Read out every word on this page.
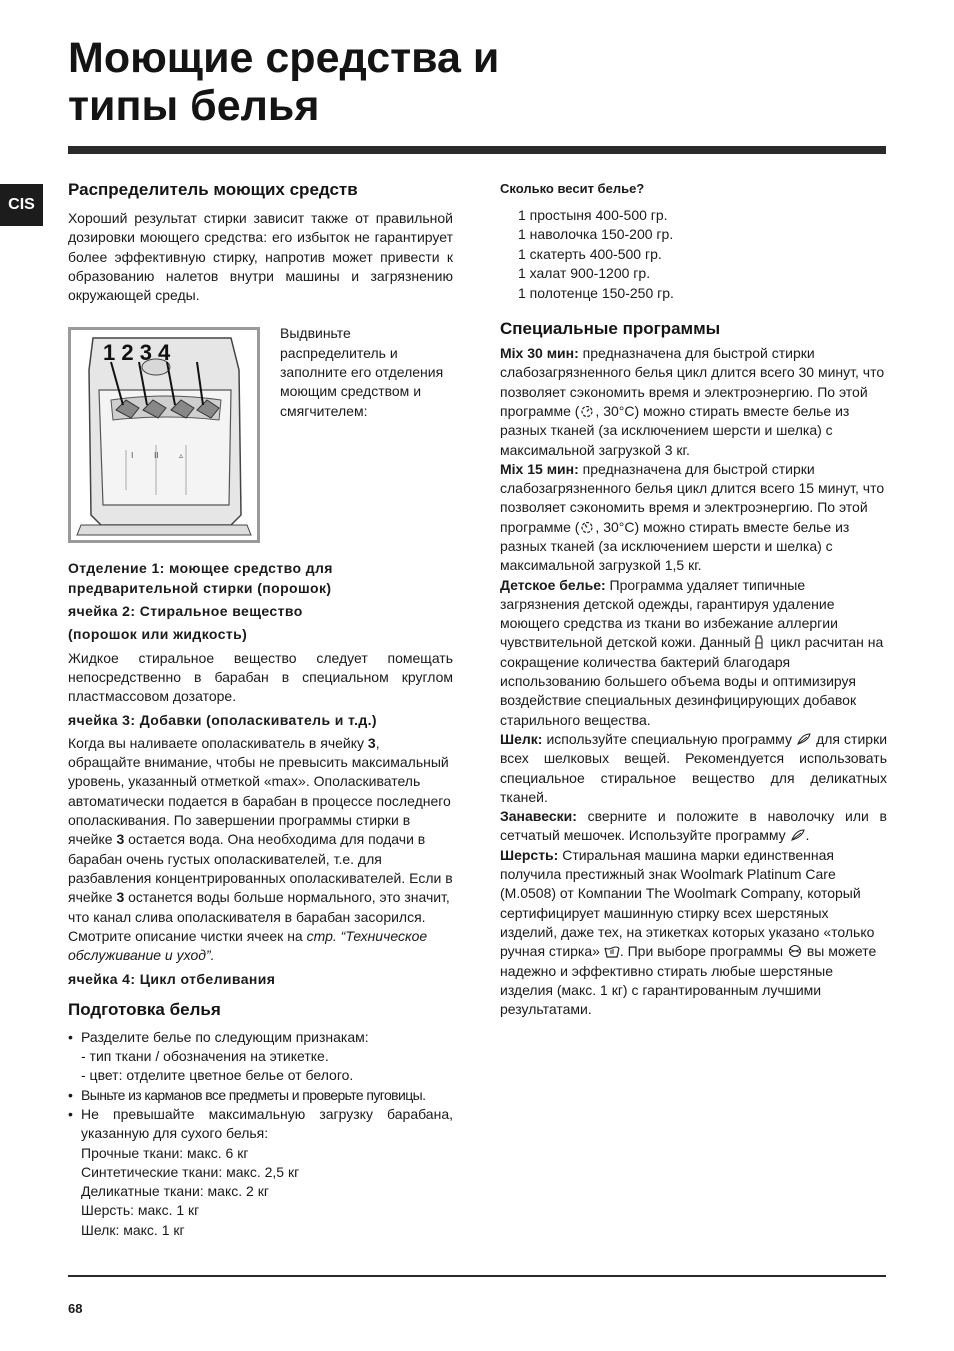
Моющие средства и
типы белья
CIS
Распределитель моющих средств

Хороший результат стирки зависит также от правильной дозировки моющего средства: его избыток не гарантирует более эффективную стирку, напротив может привести к образованию налетов внутри машины и загрязнению окружающей среды.

I	II	▵
1 2 3 4

Выдвиньте распределитель и заполните его отделения моющим средством и смягчителем:

Отделение 1: моющее средство для предварительной стирки (порошок)

ячейка 2: Стиральное вещество

(порошок или жидкость)

Жидкое стиральное вещество следует помещать непосредственно в барабан в специальном круглом пластмассовом дозаторе.

ячейка 3: Добавки (ополаскиватель и т.д.)

Когда вы наливаете ополаскиватель в ячейку 3, обращайте внимание, чтобы не превысить максимальный уровень, указанный отметкой «max». Ополаскиватель автоматически подается в барабан в процессе последнего ополаскивания. По завершении программы стирки в ячейке 3 остается вода. Она необходима для подачи в барабан очень густых ополаскивателей, т.е. для разбавления концентрированных ополаскивателей. Если в ячейке 3 останется воды больше нормального, это значит, что канал слива ополаскивателя в барабан засорился. Смотрите описание чистки ячеек на стр. “Техническое обслуживание и уход”.

ячейка 4: Цикл отбеливания

Подготовка белья
• Разделите белье по следующим признакам:

- тип ткани / обозначения на этикетке.

- цвет: отделите цветное белье от белого.

• Выньте из карманов все предметы и проверьте пуговицы.

• Не превышайте максимальную загрузку барабана, указанную для сухого белья:

Прочные ткани: макс. 6 кг

Синтетические ткани: макс. 2,5 кг

Деликатные ткани: макс. 2 кг

Шерсть: макс. 1 кг

Шелк: макс. 1 кг

Сколько весит белье?

1 простыня 400-500 гр.

1 наволочка 150-200 гр.

1 скатерть 400-500 гр.

1 халат 900-1200 гр.

1 полотенце 150-250 гр.

Специальные программы

Mix 30 мин: предназначена для быстрой стирки слабозагрязненного белья цикл длится всего 30 минут, что позволяет сэкономить время и электроэнергию. По этой программе ( , 30°C) можно стирать вместе белье из разных тканей (за исключением шерсти и шелка) с максимальной загрузкой 3 кг.

Mix 15 мин: предназначена для быстрой стирки слабозагрязненного белья цикл длится всего 15 минут, что позволяет сэкономить время и электроэнергию. По этой программе ( , 30°C) можно стирать вместе белье из разных тканей (за исключением шерсти и шелка) с максимальной загрузкой 1,5 кг.

Детское белье: Программа удаляет типичные загрязнения детской одежды, гарантируя удаление моющего средства из ткани во избежание аллергии чувствительной детской кожи. Данный цикл расчитан на сокращение количества бактерий благодаря использованию большего объема воды и оптимизируя воздействие специальных дезинфицирующих добавок старильного вещества.

Шелк: используйте специальную программу  для стирки всех шелковых вещей. Рекомендуется использовать специальное стиральное вещество для деликатных тканей.

Занавески: сверните и положите в наволочку или в сетчатый мешочек. Используйте программу .

Шерсть: Стиральная машина марки единственная получила престижный знак Woolmark Platinum Care (M.0508) от Компании The Woolmark Company, который сертифицирует машинную стирку всех шерстяных изделий, даже тех, на этикетках которых указано «только ручная стирка» . При выборе программы  вы можете надежно и эффективно стирать любые шерстяные изделия (макс. 1 кг) с гарантированным лучшими результатами.

68
